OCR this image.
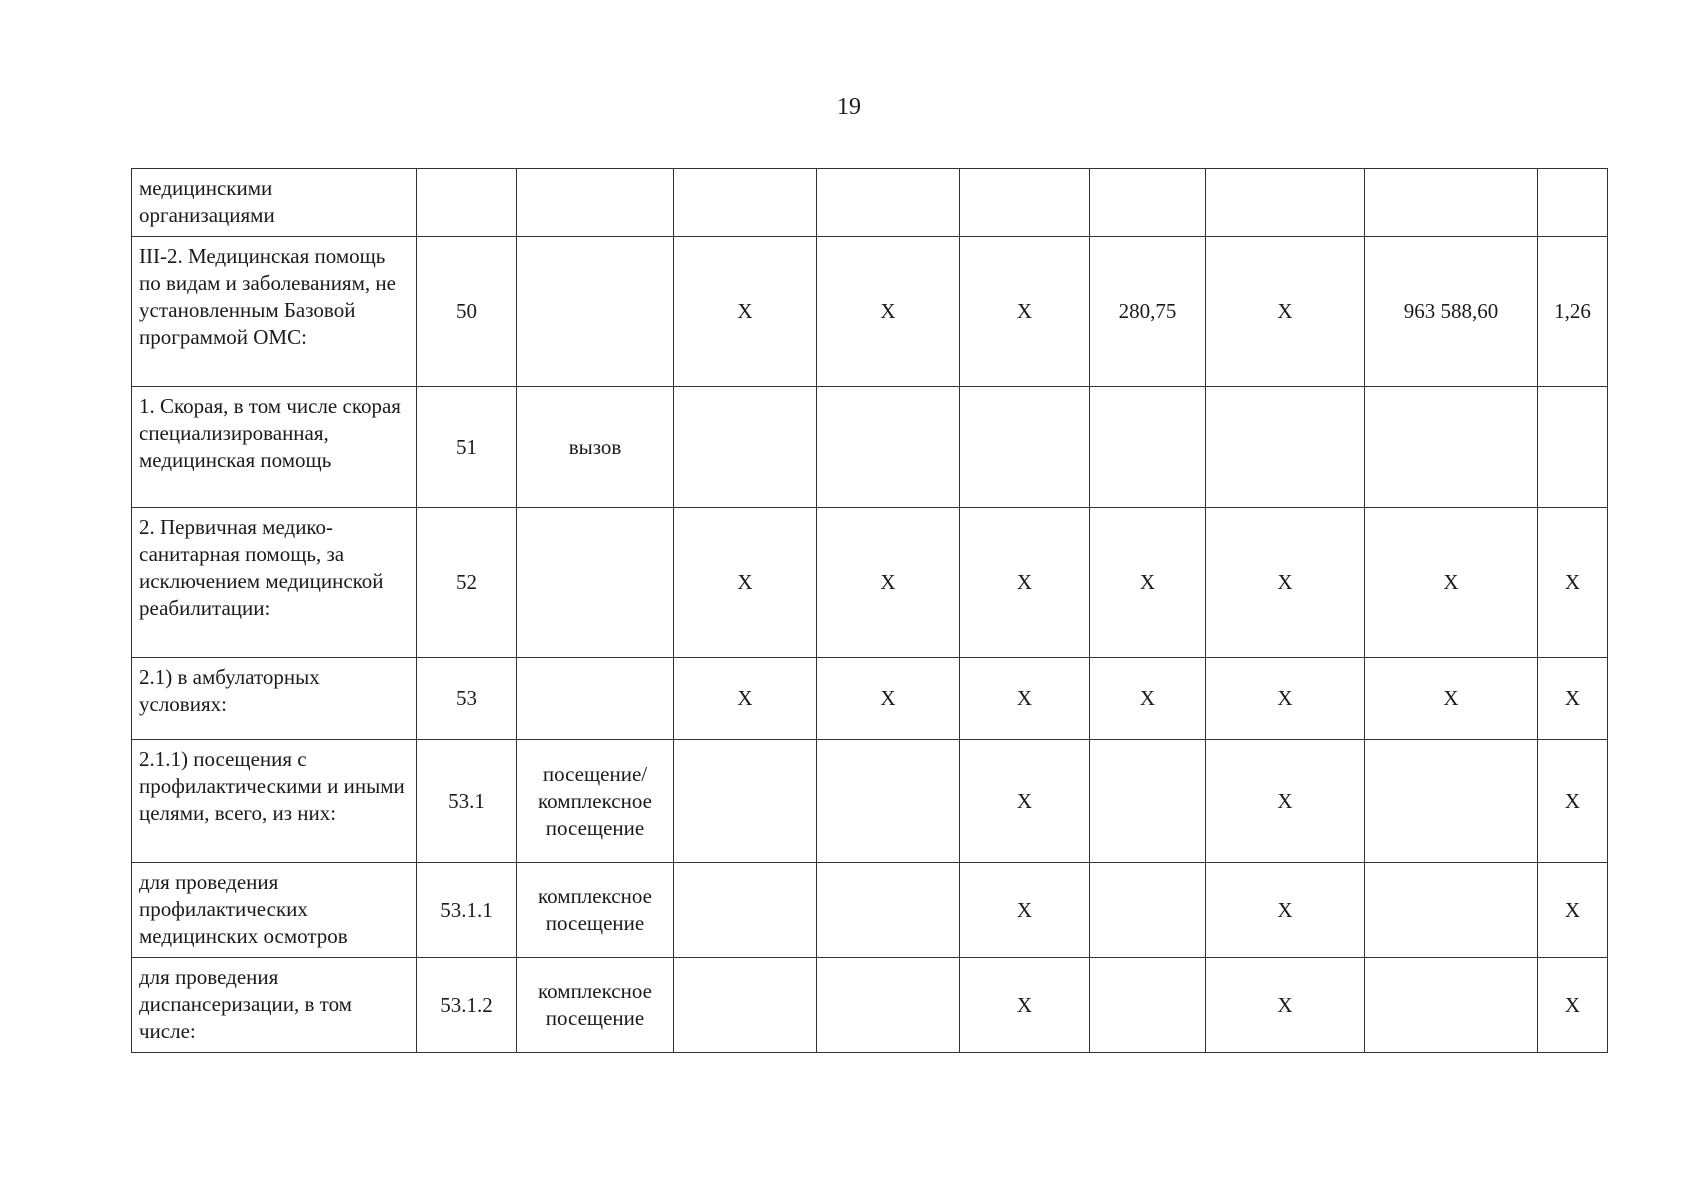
19
медицинскими организациями									
III-2. Медицинская помощь по видам и заболеваниям, не установленным Базовой программой ОМС:	50		Х	Х	Х	280,75	Х	963 588,60	1,26
1. Скорая, в том числе скорая специализированная, медицинская помощь	51	вызов							
2. Первичная медико-санитарная помощь, за исключением медицинской реабилитации:	52		Х	Х	Х	Х	Х	Х	Х
2.1) в амбулаторных условиях:	53		Х	Х	Х	Х	Х	Х	Х
2.1.1) посещения с профилактическими и иными целями, всего, из них:	53.1	посещение/ комплексное посещение			Х		Х		Х
для проведения профилактических медицинских осмотров	53.1.1	комплексное посещение			Х		Х		Х
для проведения диспансеризации, в том числе:	53.1.2	комплексное посещение			Х		Х		Х
